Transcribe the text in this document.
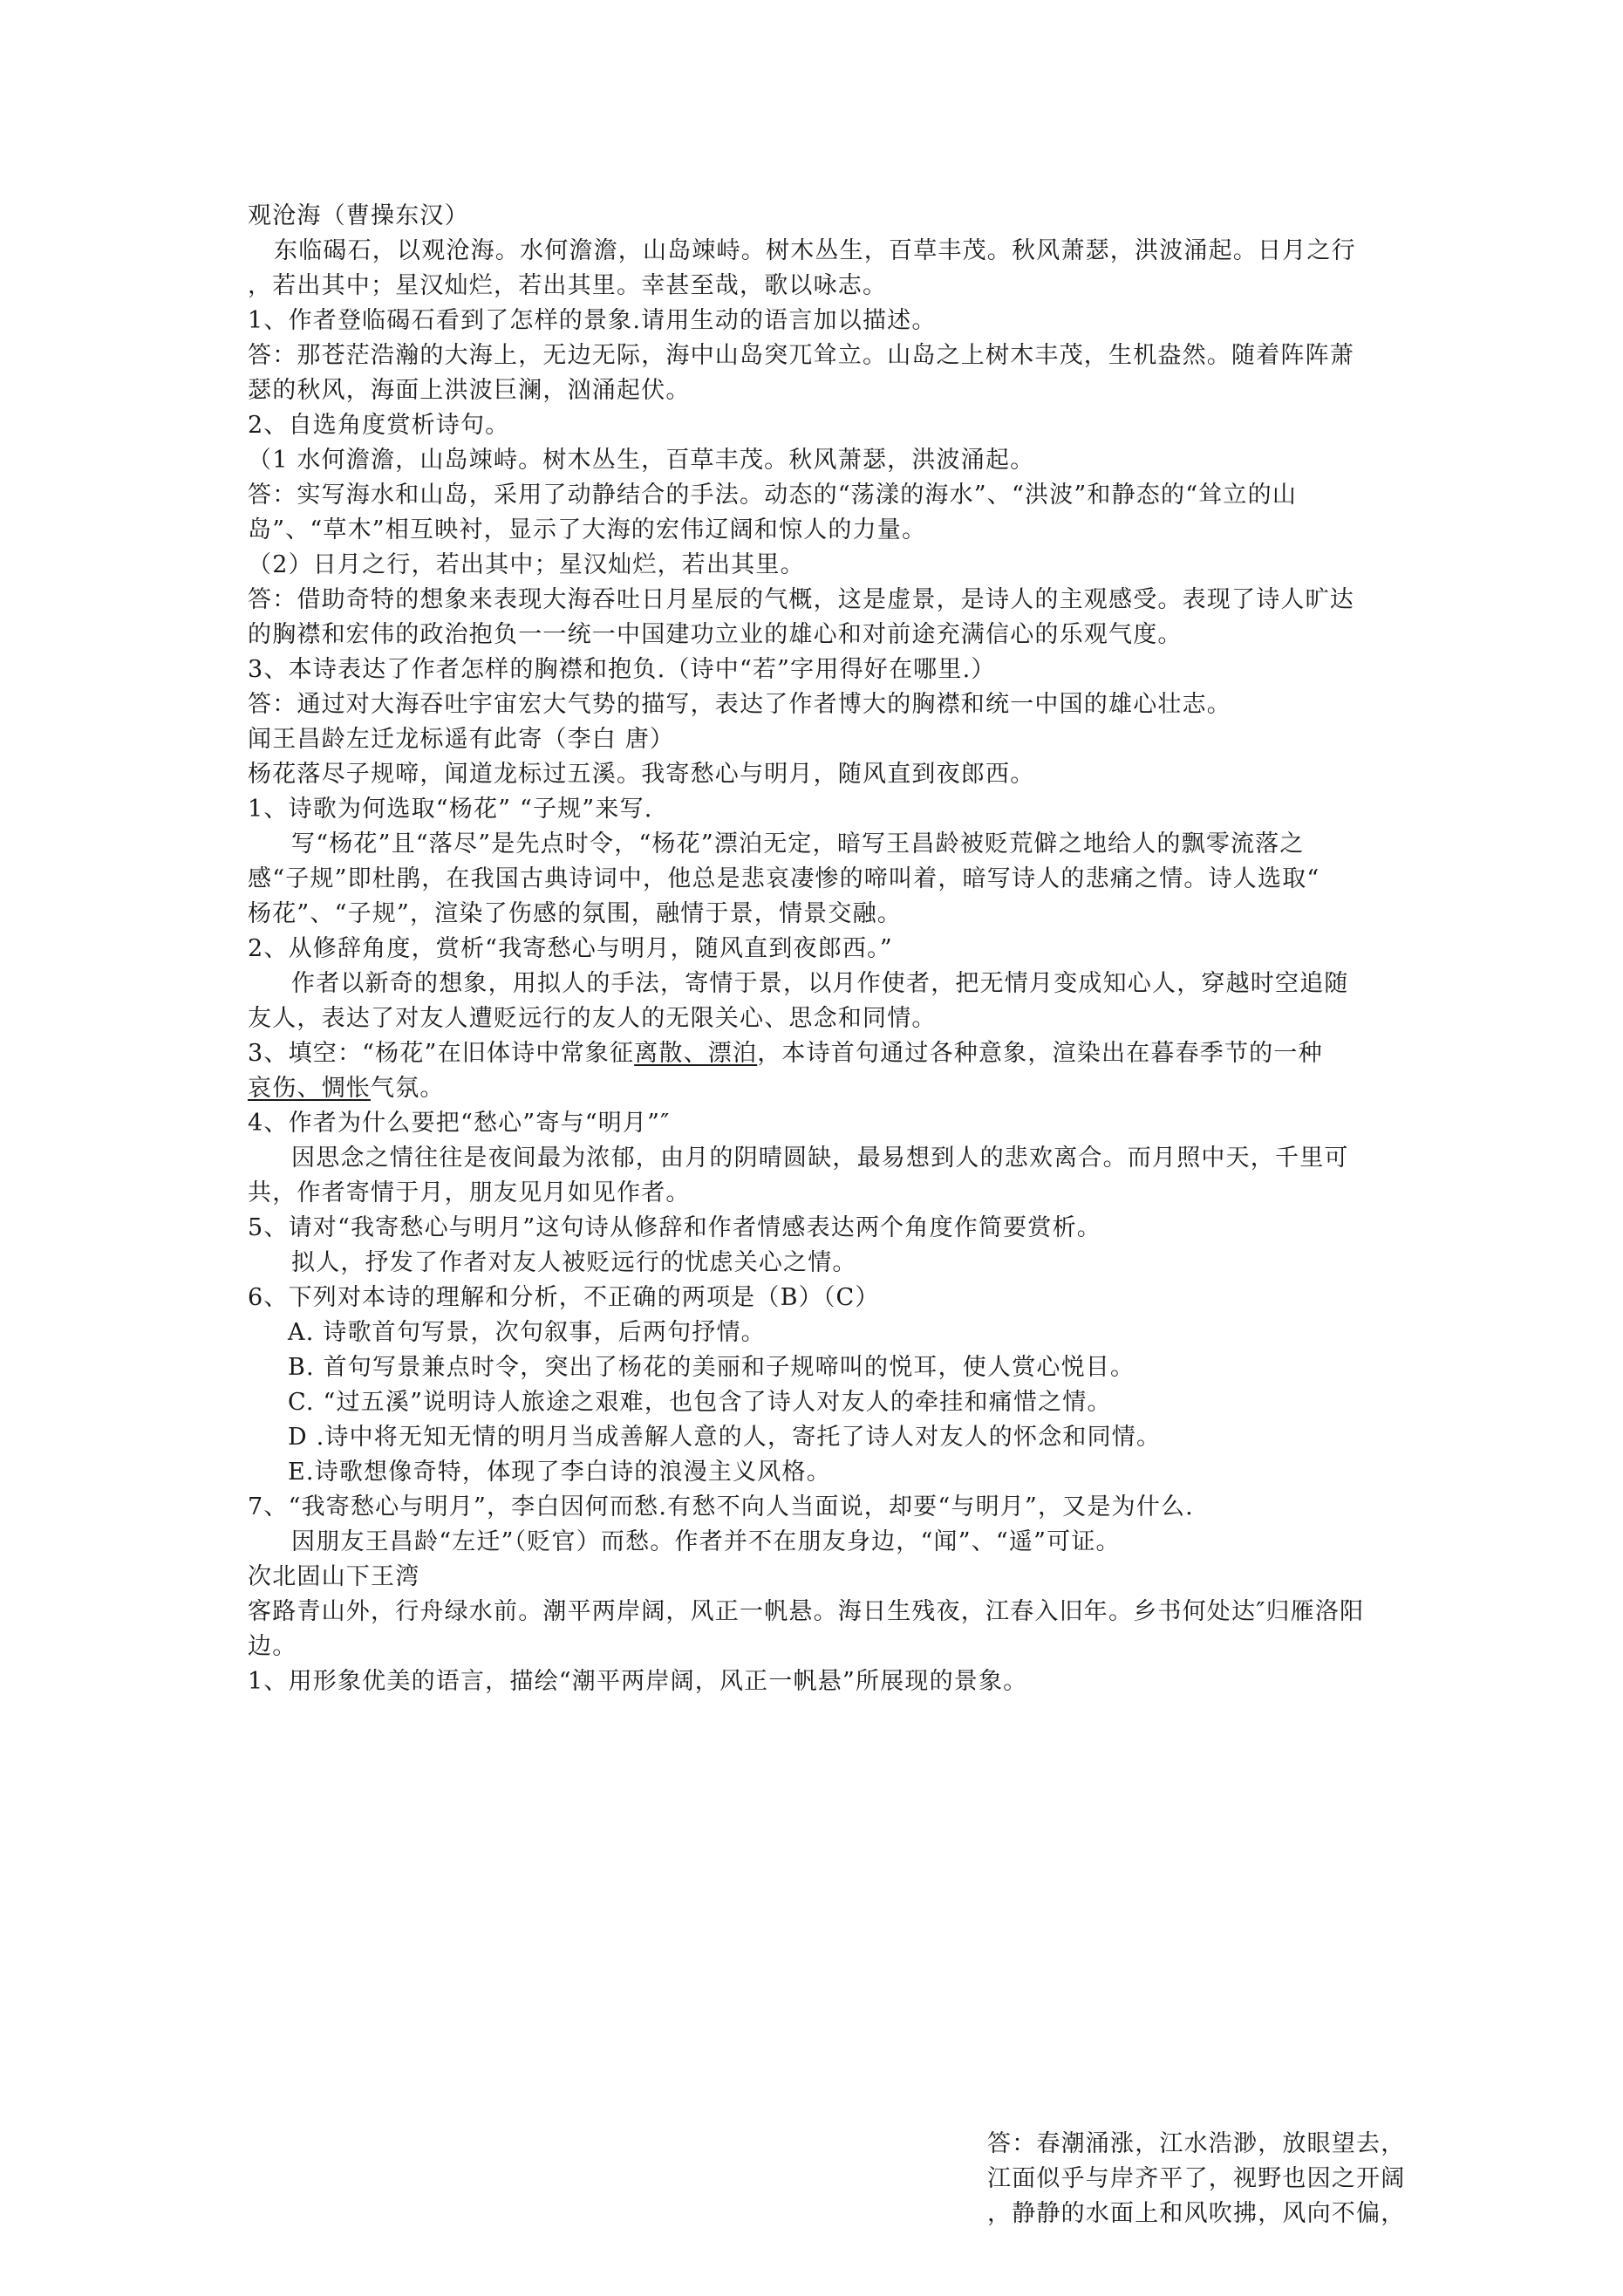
观沧海（曹操东汉）
东临碣石，以观沧海。水何澹澹，山岛竦峙。树木丛生，百草丰茂。秋风萧瑟，洪波涌起。日月之行
，若出其中；星汉灿烂，若出其里。幸甚至哉，歌以咏志。
1、作者登临碣石看到了怎样的景象.请用生动的语言加以描述。
答：那苍茫浩瀚的大海上，无边无际，海中山岛突兀耸立。山岛之上树木丰茂，生机盎然。随着阵阵萧
瑟的秋风，海面上洪波巨澜，汹涌起伏。
2、自选角度赏析诗句。
（1 水何澹澹，山岛竦峙。树木丛生，百草丰茂。秋风萧瑟，洪波涌起。
答：实写海水和山岛，采用了动静结合的手法。动态的“荡漾的海水”、“洪波”和静态的“耸立的山
岛”、“草木”相互映衬，显示了大海的宏伟辽阔和惊人的力量。
（2）日月之行，若出其中；星汉灿烂，若出其里。
答：借助奇特的想象来表现大海吞吐日月星辰的气概，这是虚景，是诗人的主观感受。表现了诗人旷达
的胸襟和宏伟的政治抱负一一统一中国建功立业的雄心和对前途充满信心的乐观气度。
3、本诗表达了作者怎样的胸襟和抱负.（诗中“若”字用得好在哪里.）
答：通过对大海吞吐宇宙宏大气势的描写，表达了作者博大的胸襟和统一中国的雄心壮志。
闻王昌龄左迁龙标遥有此寄（李白 唐）
杨花落尽子规啼，闻道龙标过五溪。我寄愁心与明月，随风直到夜郎西。
1、诗歌为何选取“杨花” “子规”来写.
写“杨花”且“落尽”是先点时令，“杨花”漂泊无定，暗写王昌龄被贬荒僻之地给人的飘零流落之
感“子规”即杜鹃，在我国古典诗词中，他总是悲哀凄惨的啼叫着，暗写诗人的悲痛之情。诗人选取“
杨花”、“子规”，渲染了伤感的氛围，融情于景，情景交融。
2、从修辞角度，赏析“我寄愁心与明月，随风直到夜郎西。”
作者以新奇的想象，用拟人的手法，寄情于景，以月作使者，把无情月变成知心人，穿越时空追随
友人，表达了对友人遭贬远行的友人的无限关心、思念和同情。
3、填空：“杨花”在旧体诗中常象征离散、漂泊，本诗首句通过各种意象，渲染出在暮春季节的一种
哀伤、惆怅气氛。
4、作者为什么要把“愁心”寄与“明月”″
因思念之情往往是夜间最为浓郁，由月的阴晴圆缺，最易想到人的悲欢离合。而月照中天，千里可
共，作者寄情于月，朋友见月如见作者。
5、请对“我寄愁心与明月”这句诗从修辞和作者情感表达两个角度作简要赏析。
拟人，抒发了作者对友人被贬远行的忧虑关心之情。
6、下列对本诗的理解和分析，不正确的两项是（B）（C）
A. 诗歌首句写景，次句叙事，后两句抒情。
B. 首句写景兼点时令，突出了杨花的美丽和子规啼叫的悦耳，使人赏心悦目。
C. “过五溪”说明诗人旅途之艰难，也包含了诗人对友人的牵挂和痛惜之情。
D .诗中将无知无情的明月当成善解人意的人，寄托了诗人对友人的怀念和同情。
E.诗歌想像奇特，体现了李白诗的浪漫主义风格。
7、“我寄愁心与明月”，李白因何而愁.有愁不向人当面说，却要“与明月”，又是为什么.
因朋友王昌龄“左迁”（贬官）而愁。作者并不在朋友身边，“闻”、“遥”可证。
次北固山下王湾
客路青山外，行舟绿水前。潮平两岸阔，风正一帆悬。海日生残夜，江春入旧年。乡书何处达″归雁洛阳
边。
1、用形象优美的语言，描绘“潮平两岸阔，风正一帆悬”所展现的景象。
答：春潮涌涨，江水浩渺，放眼望去，
江面似乎与岸齐平了，视野也因之开阔
，静静的水面上和风吹拂，风向不偏，
